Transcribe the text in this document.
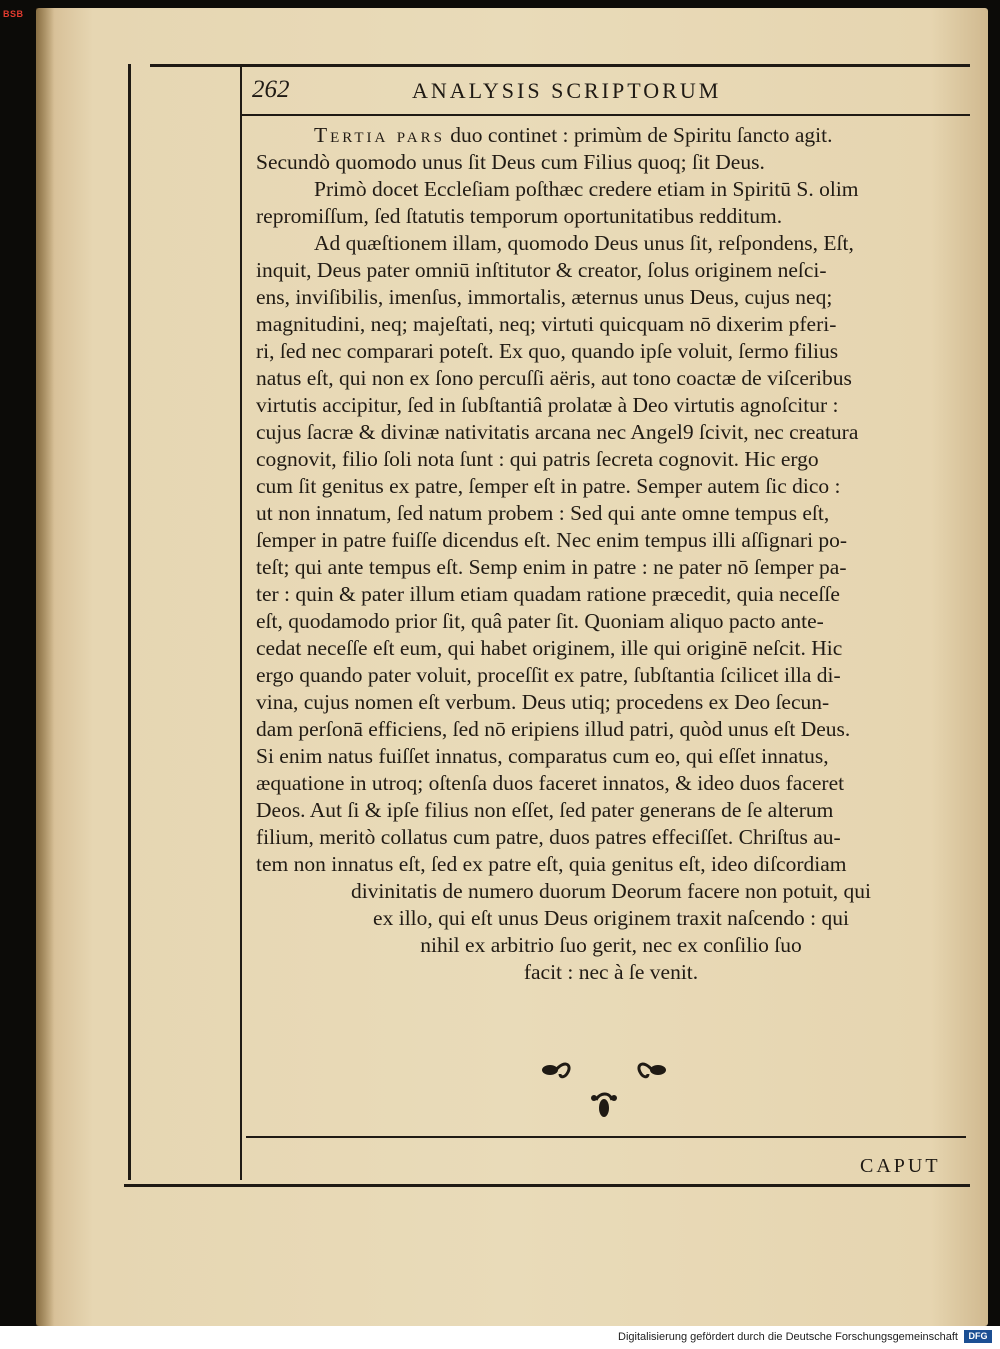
BSB
262	ANALYSIS SCRIPTORUM
Tertia pars duo continet : primùm de Spiritu ſancto agit.
Secundò quomodo unus ſit Deus cum Filius quoq; ſit Deus.
Primò docet Eccleſiam poſthæc credere etiam in Spiritū S. olim
repromiſſum, ſed ſtatutis temporum oportunitatibus redditum.
Ad quæſtionem illam, quomodo Deus unus ſit, reſpondens, Eſt,
inquit, Deus pater omniū inſtitutor & creator, ſolus originem neſci-
ens, inviſibilis, imenſus, immortalis, æternus unus Deus, cujus neq;
magnitudini, neq; majeſtati, neq; virtuti quicquam nō dixerim pferi-
ri, ſed nec comparari poteſt. Ex quo, quando ipſe voluit, ſermo filius
natus eſt, qui non ex ſono percuſſi aëris, aut tono coactæ de viſceribus
virtutis accipitur, ſed in ſubſtantiâ prolatæ à Deo virtutis agnoſcitur :
cujus ſacræ & divinæ nativitatis arcana nec Angel9 ſcivit, nec creatura
cognovit, filio ſoli nota ſunt : qui patris ſecreta cognovit. Hic ergo
cum ſit genitus ex patre, ſemper eſt in patre. Semper autem ſic dico :
ut non innatum, ſed natum probem : Sed qui ante omne tempus eſt,
ſemper in patre fuiſſe dicendus eſt. Nec enim tempus illi aſſignari po-
teſt; qui ante tempus eſt. Semp enim in patre : ne pater nō ſemper pa-
ter : quin & pater illum etiam quadam ratione præcedit, quia neceſſe
eſt, quodamodo prior ſit, quâ pater ſit. Quoniam aliquo pacto ante-
cedat neceſſe eſt eum, qui habet originem, ille qui originē neſcit. Hic
ergo quando pater voluit, proceſſit ex patre, ſubſtantia ſcilicet illa di-
vina, cujus nomen eſt verbum. Deus utiq; procedens ex Deo ſecun-
dam perſonā efficiens, ſed nō eripiens illud patri, quòd unus eſt Deus.
Si enim natus fuiſſet innatus, comparatus cum eo, qui eſſet innatus,
æquatione in utroq; oſtenſa duos faceret innatos, & ideo duos faceret
Deos. Aut ſi & ipſe filius non eſſet, ſed pater generans de ſe alterum
filium, meritò collatus cum patre, duos patres effeciſſet. Chriſtus au-
tem non innatus eſt, ſed ex patre eſt, quia genitus eſt, ideo diſcordiam
divinitatis de numero duorum Deorum facere non potuit, qui
ex illo, qui eſt unus Deus originem traxit naſcendo : qui
nihil ex arbitrio ſuo gerit, nec ex conſilio ſuo
facit : nec à ſe venit.
CAPUT
Digitalisierung gefördert durch die Deutsche Forschungsgemeinschaft	DFG
